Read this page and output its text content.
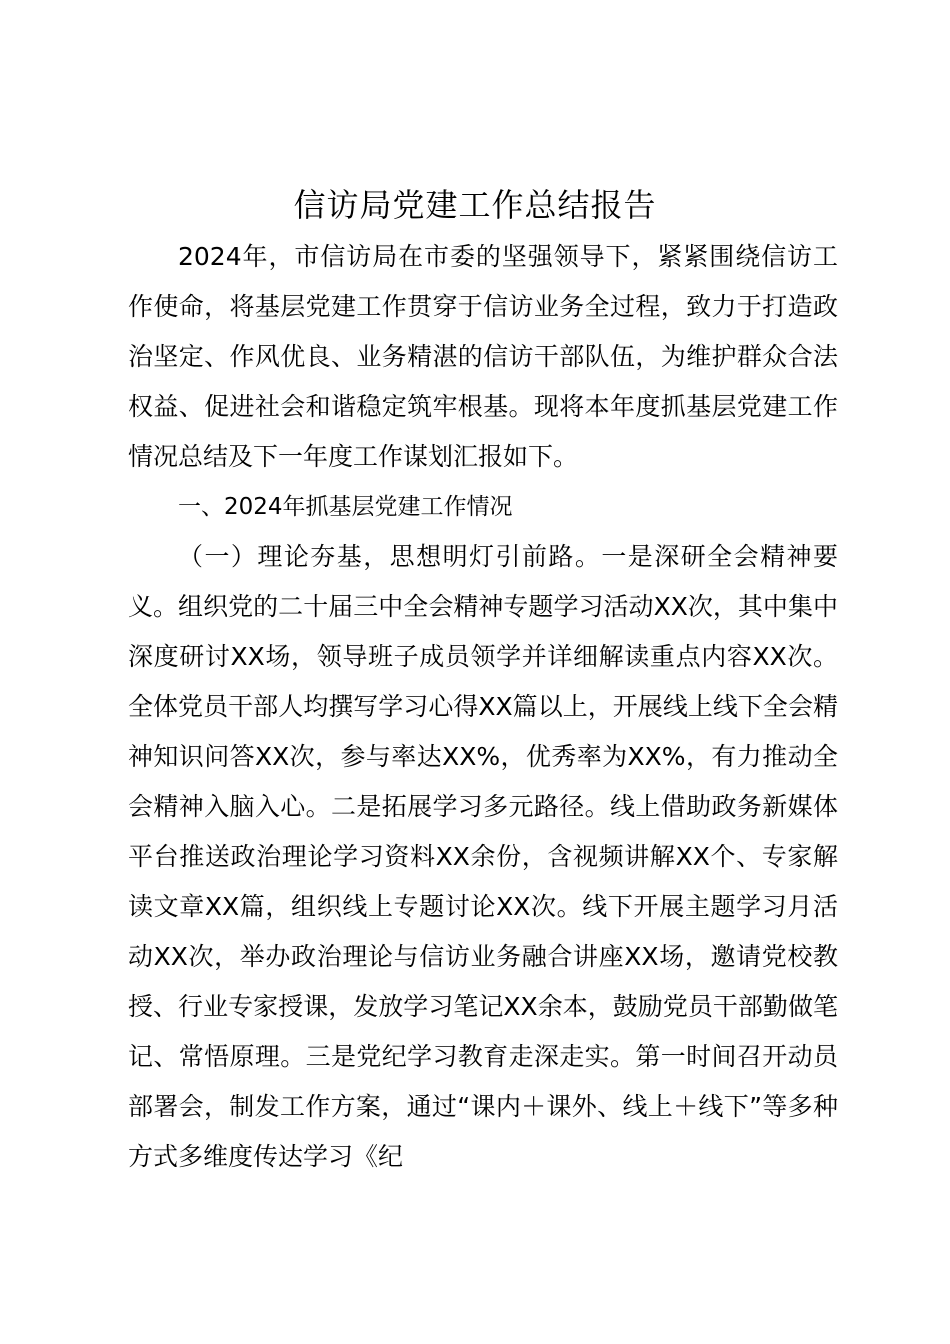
信访局党建工作总结报告

2024年，市信访局在市委的坚强领导下，紧紧围绕信访工作使命，将基层党建工作贯穿于信访业务全过程，致力于打造政治坚定、作风优良、业务精湛的信访干部队伍，为维护群众合法权益、促进社会和谐稳定筑牢根基。现将本年度抓基层党建工作情况总结及下一年度工作谋划汇报如下。

一、2024年抓基层党建工作情况

（一）理论夯基，思想明灯引前路。一是深研全会精神要义。组织党的二十届三中全会精神专题学习活动XX次，其中集中深度研讨XX场，领导班子成员领学并详细解读重点内容XX次。全体党员干部人均撰写学习心得XX篇以上，开展线上线下全会精神知识问答XX次，参与率达XX%，优秀率为XX%，有力推动全会精神入脑入心。二是拓展学习多元路径。线上借助政务新媒体平台推送政治理论学习资料XX余份，含视频讲解XX个、专家解读文章XX篇，组织线上专题讨论XX次。线下开展主题学习月活动XX次，举办政治理论与信访业务融合讲座XX场，邀请党校教授、行业专家授课，发放学习笔记XX余本，鼓励党员干部勤做笔记、常悟原理。三是党纪学习教育走深走实。第一时间召开动员部署会，制发工作方案，通过“课内＋课外、线上＋线下”等多种方式多维度传达学习《纪
